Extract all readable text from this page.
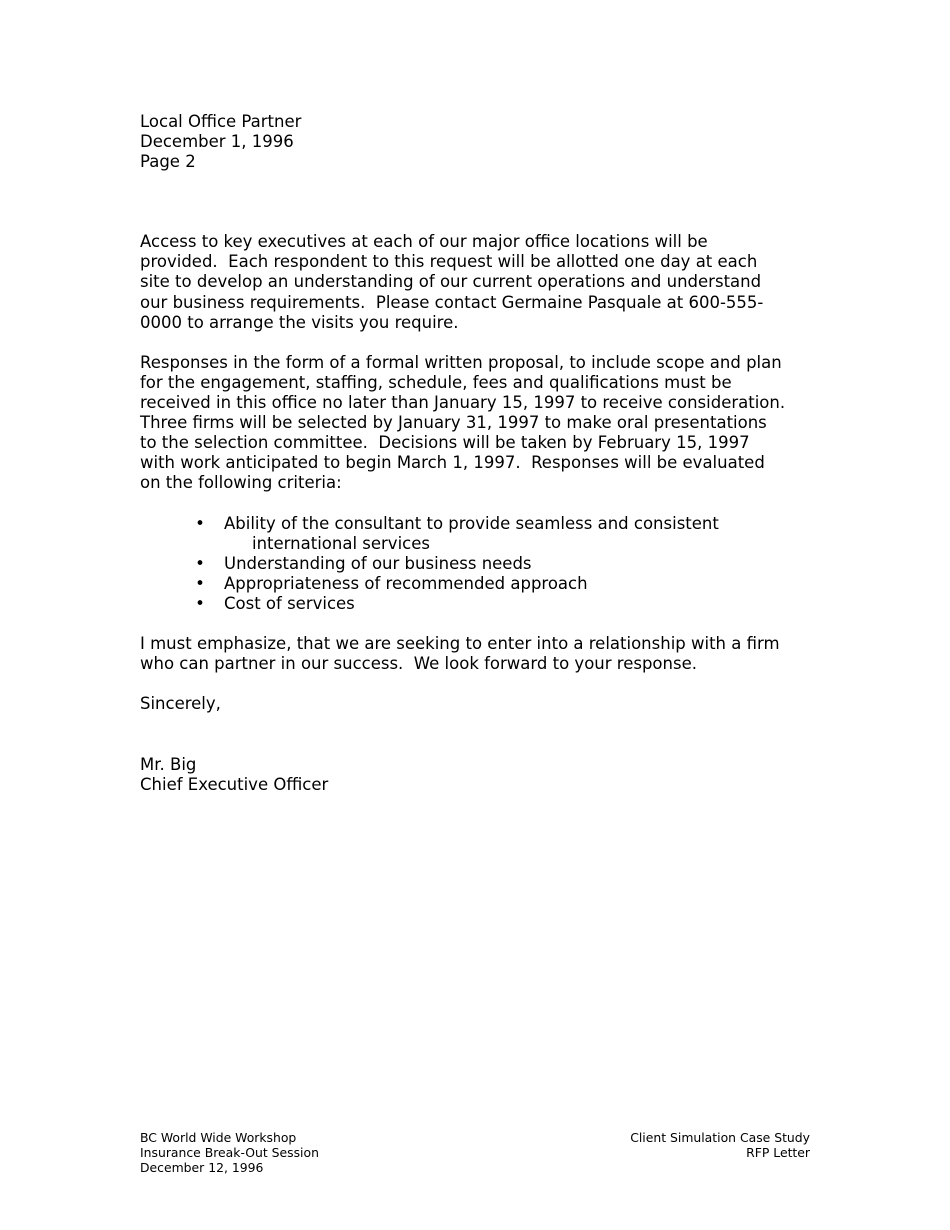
Local Office Partner
December 1, 1996
Page 2
Access to key executives at each of our major office locations will be
provided.  Each respondent to this request will be allotted one day at each
site to develop an understanding of our current operations and understand
our business requirements.  Please contact Germaine Pasquale at 600-555-
0000 to arrange the visits you require.
Responses in the form of a formal written proposal, to include scope and plan
for the engagement, staffing, schedule, fees and qualifications must be
received in this office no later than January 15, 1997 to receive consideration.
Three firms will be selected by January 31, 1997 to make oral presentations
to the selection committee.  Decisions will be taken by February 15, 1997
with work anticipated to begin March 1, 1997.  Responses will be evaluated
on the following criteria:
• Ability of the consultant to provide seamless and consistent
international services
• Understanding of our business needs
• Appropriateness of recommended approach
• Cost of services
I must emphasize, that we are seeking to enter into a relationship with a firm
who can partner in our success.  We look forward to your response.
Sincerely,
Mr. Big
Chief Executive Officer
BC World Wide Workshop
Insurance Break-Out Session
December 12, 1996
Client Simulation Case Study
RFP Letter
